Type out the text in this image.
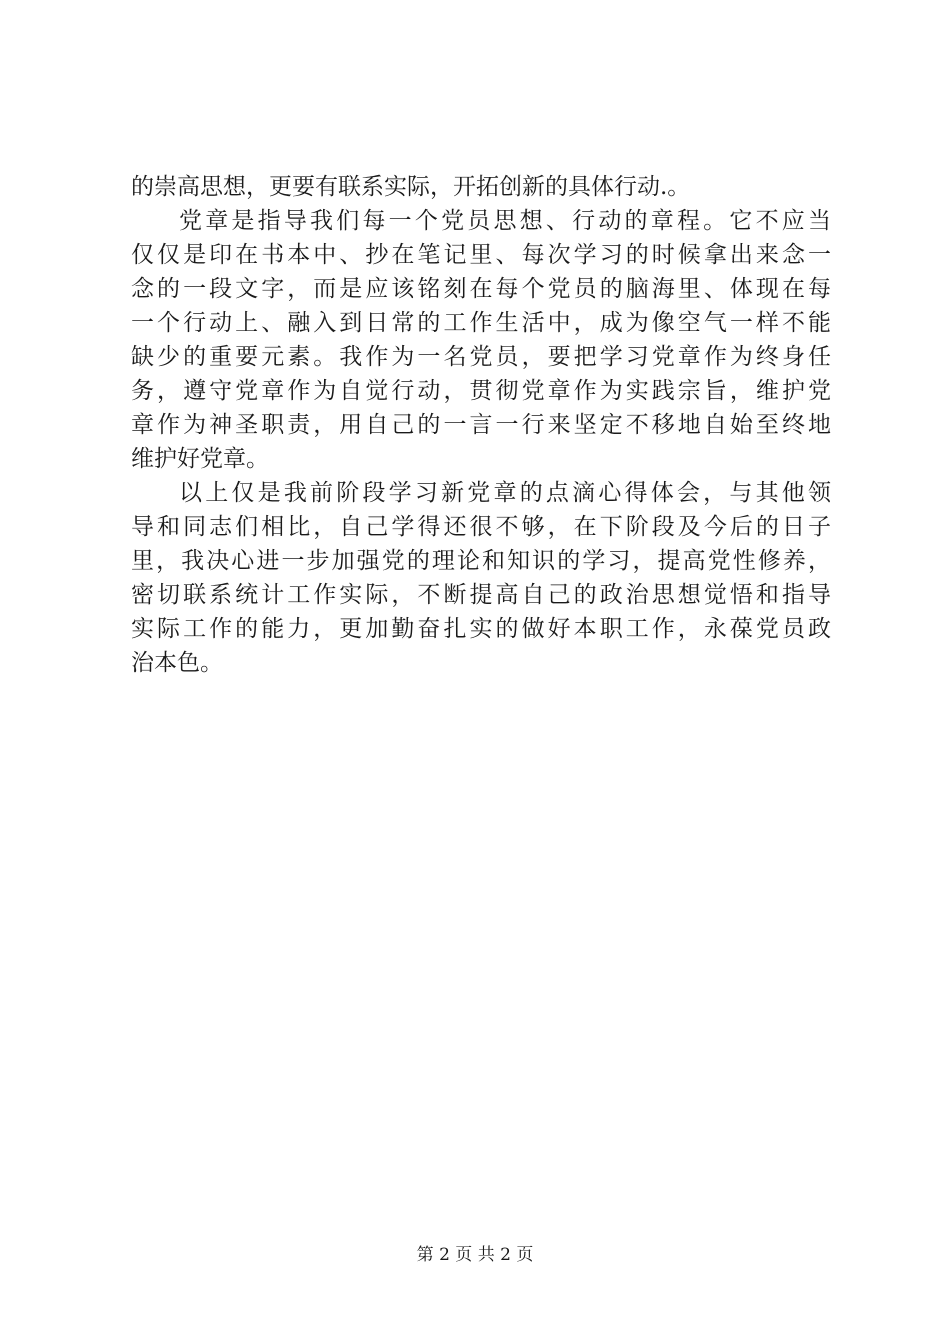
的崇高思想，更要有联系实际，开拓创新的具体行动.。
党章是指导我们每一个党员思想、行动的章程。它不应当
仅仅是印在书本中、抄在笔记里、每次学习的时候拿出来念一
念的一段文字，而是应该铭刻在每个党员的脑海里、体现在每
一个行动上、融入到日常的工作生活中，成为像空气一样不能
缺少的重要元素。我作为一名党员，要把学习党章作为终身任
务，遵守党章作为自觉行动，贯彻党章作为实践宗旨，维护党
章作为神圣职责，用自己的一言一行来坚定不移地自始至终地
维护好党章。
以上仅是我前阶段学习新党章的点滴心得体会，与其他领
导和同志们相比，自己学得还很不够，在下阶段及今后的日子
里，我决心进一步加强党的理论和知识的学习，提高党性修养，
密切联系统计工作实际，不断提高自己的政治思想觉悟和指导
实际工作的能力，更加勤奋扎实的做好本职工作，永葆党员政
治本色。
第 2 页 共 2 页
